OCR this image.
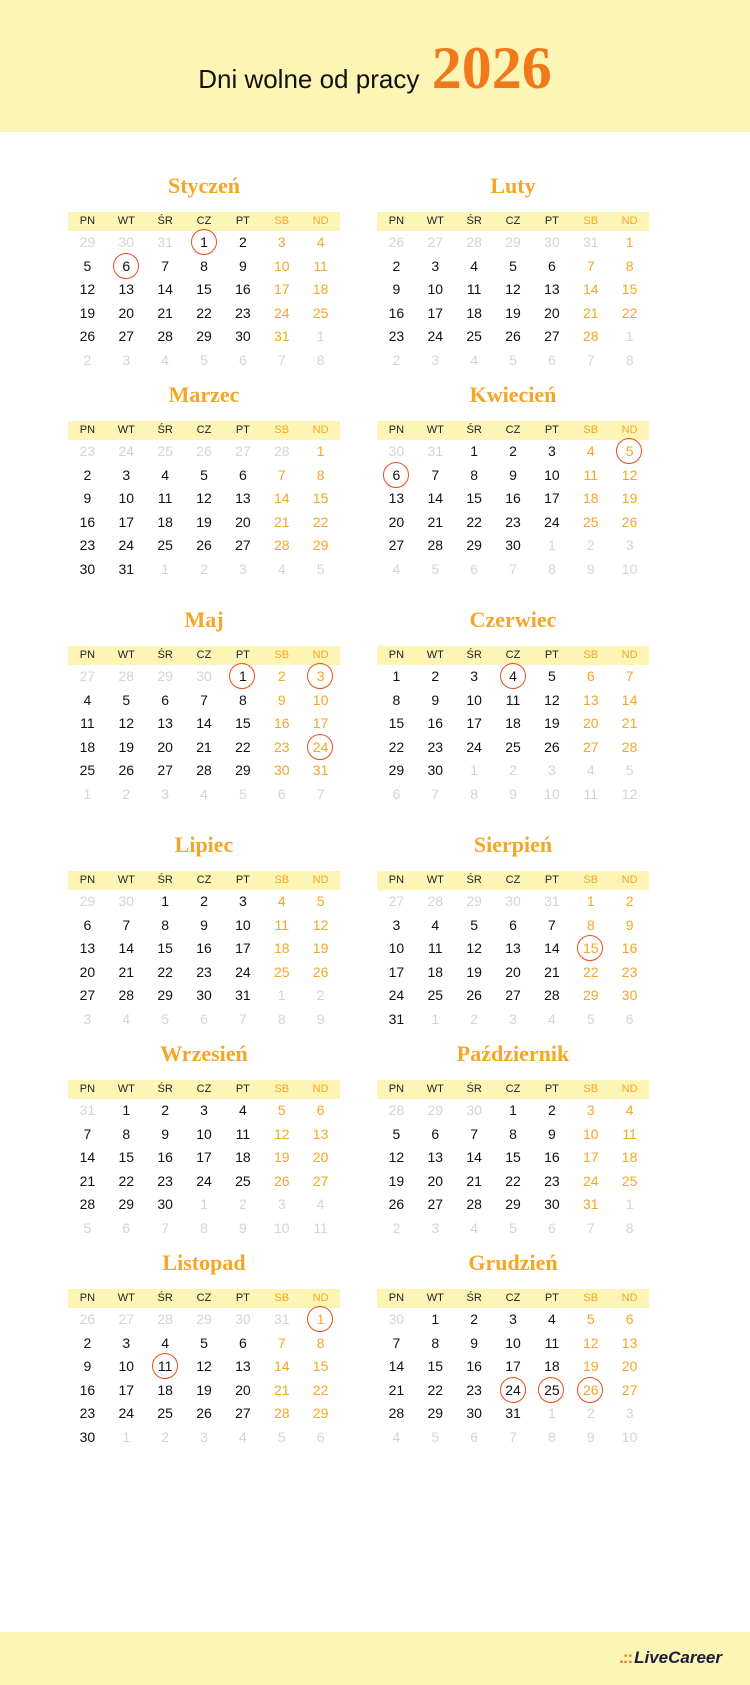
Dni wolne od pracy 2026
Styczeń
PN	WT	ŚR	CZ	PT	SB	ND
29	30	31	1	2	3	4
5	6	7	8	9	10	11
12	13	14	15	16	17	18
19	20	21	22	23	24	25
26	27	28	29	30	31	1
2	3	4	5	6	7	8
Luty
PN	WT	ŚR	CZ	PT	SB	ND
26	27	28	29	30	31	1
2	3	4	5	6	7	8
9	10	11	12	13	14	15
16	17	18	19	20	21	22
23	24	25	26	27	28	1
2	3	4	5	6	7	8
Marzec
PN	WT	ŚR	CZ	PT	SB	ND
23	24	25	26	27	28	1
2	3	4	5	6	7	8
9	10	11	12	13	14	15
16	17	18	19	20	21	22
23	24	25	26	27	28	29
30	31	1	2	3	4	5
Kwiecień
PN	WT	ŚR	CZ	PT	SB	ND
30	31	1	2	3	4	5
6	7	8	9	10	11	12
13	14	15	16	17	18	19
20	21	22	23	24	25	26
27	28	29	30	1	2	3
4	5	6	7	8	9	10
Maj
PN	WT	ŚR	CZ	PT	SB	ND
27	28	29	30	1	2	3
4	5	6	7	8	9	10
11	12	13	14	15	16	17
18	19	20	21	22	23	24
25	26	27	28	29	30	31
1	2	3	4	5	6	7
Czerwiec
PN	WT	ŚR	CZ	PT	SB	ND
1	2	3	4	5	6	7
8	9	10	11	12	13	14
15	16	17	18	19	20	21
22	23	24	25	26	27	28
29	30	1	2	3	4	5
6	7	8	9	10	11	12
Lipiec
PN	WT	ŚR	CZ	PT	SB	ND
29	30	1	2	3	4	5
6	7	8	9	10	11	12
13	14	15	16	17	18	19
20	21	22	23	24	25	26
27	28	29	30	31	1	2
3	4	5	6	7	8	9
Sierpień
PN	WT	ŚR	CZ	PT	SB	ND
27	28	29	30	31	1	2
3	4	5	6	7	8	9
10	11	12	13	14	15	16
17	18	19	20	21	22	23
24	25	26	27	28	29	30
31	1	2	3	4	5	6
Wrzesień
PN	WT	ŚR	CZ	PT	SB	ND
31	1	2	3	4	5	6
7	8	9	10	11	12	13
14	15	16	17	18	19	20
21	22	23	24	25	26	27
28	29	30	1	2	3	4
5	6	7	8	9	10	11
Październik
PN	WT	ŚR	CZ	PT	SB	ND
28	29	30	1	2	3	4
5	6	7	8	9	10	11
12	13	14	15	16	17	18
19	20	21	22	23	24	25
26	27	28	29	30	31	1
2	3	4	5	6	7	8
Listopad
PN	WT	ŚR	CZ	PT	SB	ND
26	27	28	29	30	31	1
2	3	4	5	6	7	8
9	10	11	12	13	14	15
16	17	18	19	20	21	22
23	24	25	26	27	28	29
30	1	2	3	4	5	6
Grudzień
PN	WT	ŚR	CZ	PT	SB	ND
30	1	2	3	4	5	6
7	8	9	10	11	12	13
14	15	16	17	18	19	20
21	22	23	24	25	26	27
28	29	30	31	1	2	3
4	5	6	7	8	9	10
.:: LiveCareer
